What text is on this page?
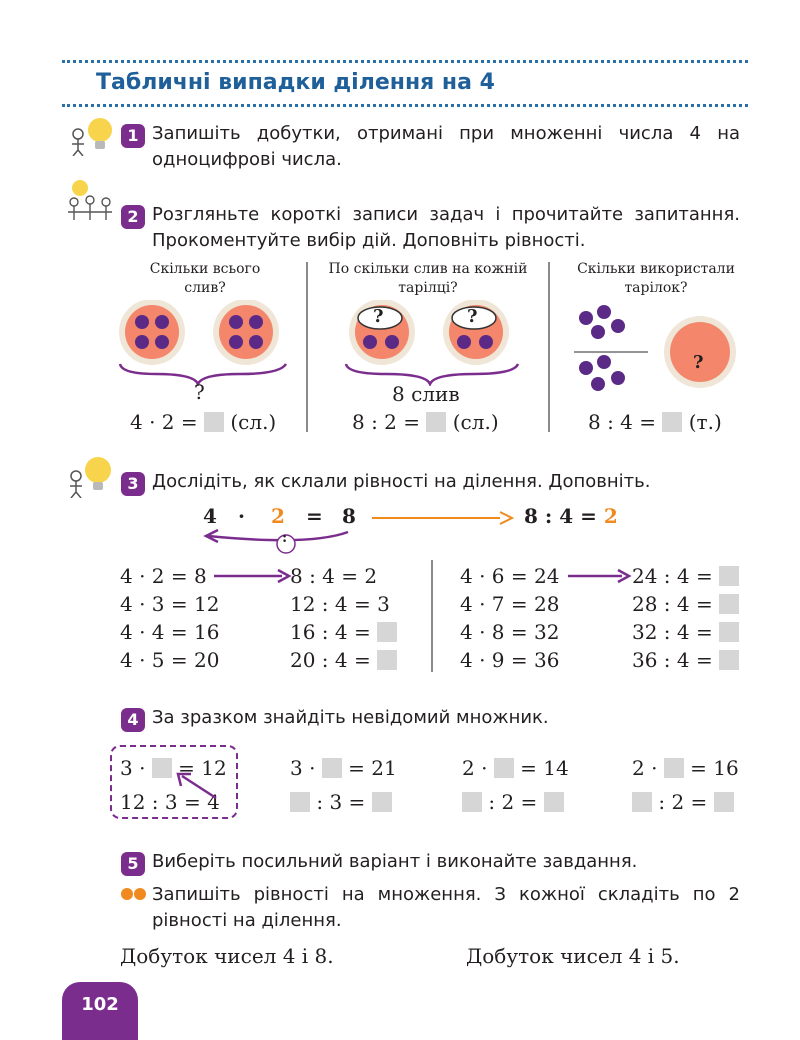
Табличні випадки ділення на 4
1 Запишіть добутки, отримані при множенні числа 4 на одноцифрові числа.
2 Розгляньте короткі записи задач і прочитайте запитання. Прокоментуйте вибір дій. Доповніть рівності.
Скільки всього слив?
?
4 · 2 = (сл.)
По скільки слив на кожній тарілці?
?	?
8 слив
8 : 2 = (сл.)
Скільки використали тарілок?
?
8 : 4 = (т.)
3 Дослідіть, як склали рівності на ділення. Доповніть.
4 · 2 = 8
:
8 : 4 = 2
4 · 2 = 8
4 · 3 = 12
4 · 4 = 16
4 · 5 = 20
8 : 4 = 2
12 : 4 = 3
16 : 4 =
20 : 4 =
4 · 6 = 24
4 · 7 = 28
4 · 8 = 32
4 · 9 = 36
24 : 4 =
28 : 4 =
32 : 4 =
36 : 4 =
4 За зразком знайдіть невідомий множник.
3 · = 12
12 : 3 = 4
3 · = 21
: 3 =
2 · = 14
: 2 =
2 · = 16
: 2 =
5 Виберіть посильний варіант і виконайте завдання.
Запишіть рівності на множення. З кожної складіть по 2 рівності на ділення.
Добуток чисел 4 і 8.	Добуток чисел 4 і 5.
102
